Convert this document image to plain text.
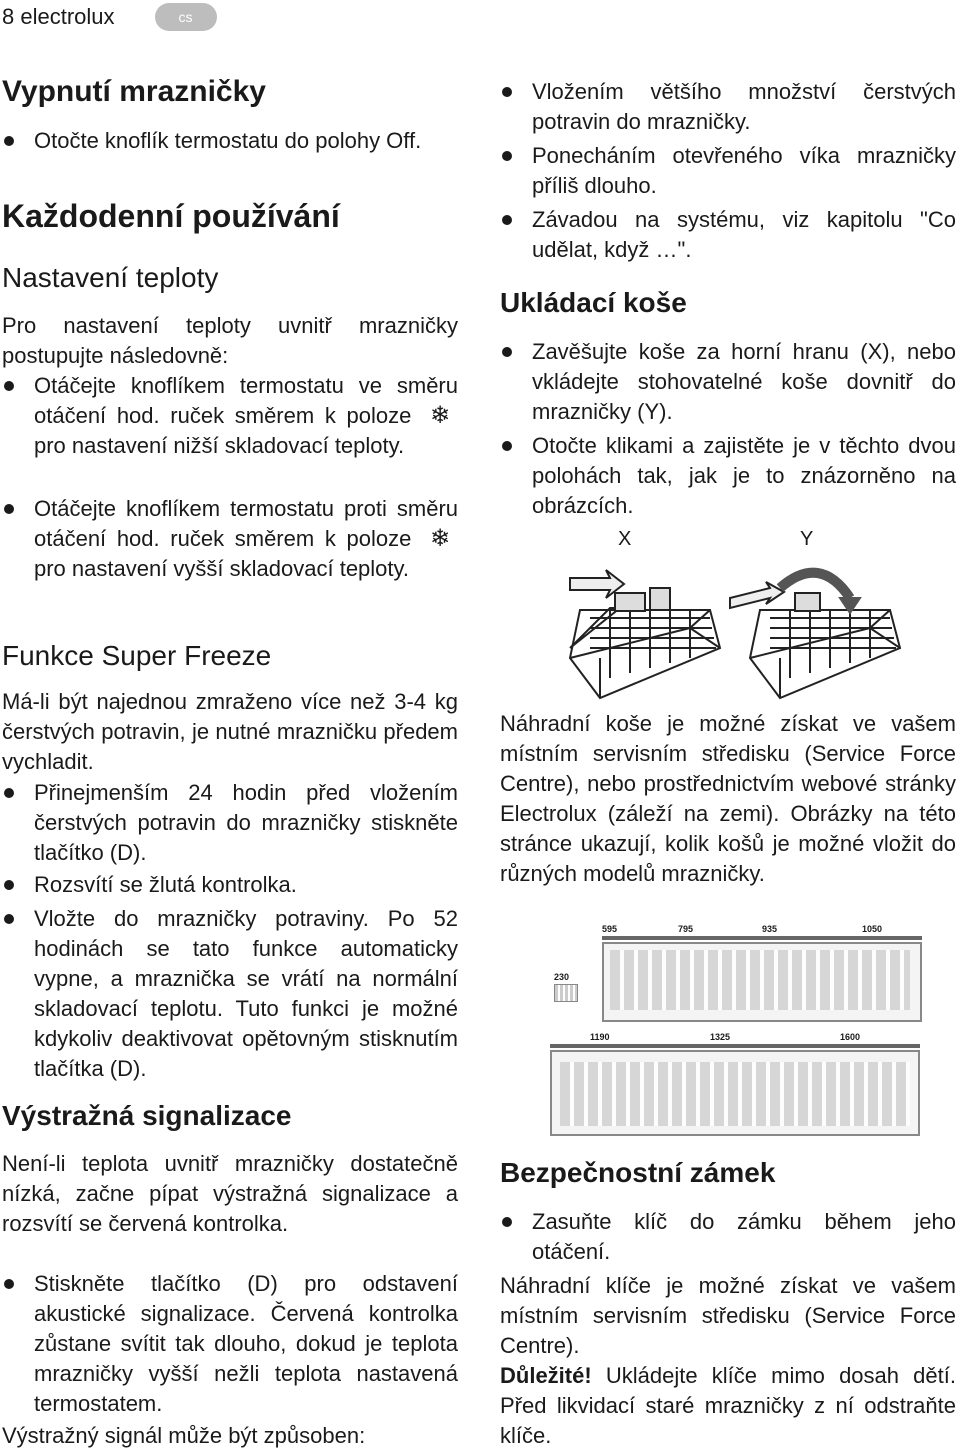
8 electrolux	cs
Vypnutí mrazničky
Otočte knoflík termostatu do polohy Off.
Každodenní používání
Nastavení teploty
Pro nastavení teploty uvnitř mrazničky postupujte následovně:
Otáčejte knoflíkem termostatu ve směru otáčení hod. ruček směrem k poloze ❄ pro nastavení nižší skladovací teploty.
Otáčejte knoflíkem termostatu proti směru otáčení hod. ruček směrem k poloze ❄ pro nastavení vyšší skladovací teploty.
Funkce Super Freeze
Má-li být najednou zmraženo více než 3-4 kg čerstvých potravin, je nutné mrazničku předem vychladit.
Přinejmenším 24 hodin před vložením čerstvých potravin do mrazničky stiskněte tlačítko (D).
Rozsvítí se žlutá kontrolka.
Vložte do mrazničky potraviny. Po 52 hodinách se tato funkce automaticky vypne, a mraznička se vrátí na normální skladovací teplotu. Tuto funkci je možné kdykoliv deaktivovat opětovným stisknutím tlačítka (D).
Výstražná signalizace
Není-li teplota uvnitř mrazničky dostatečně nízká, začne pípat výstražná signalizace a rozsvítí se červená kontrolka.
Stiskněte tlačítko (D) pro odstavení akustické signalizace. Červená kontrolka zůstane svítit tak dlouho, dokud je teplota mrazničky vyšší nežli teplota nastavená termostatem.
Výstražný signál může být způsoben:
Vložením většího množství čerstvých potravin do mrazničky.
Ponecháním otevřeného víka mrazničky příliš dlouho.
Závadou na systému, viz kapitolu "Co udělat, když …".
Ukládací koše
Zavěšujte koše za horní hranu (X), nebo vkládejte stohovatelné koše dovnitř do mrazničky (Y).
Otočte klikami a zajistěte je v těchto dvou polohách tak, jak je to znázorněno na obrázcích.
X	Y
Náhradní koše je možné získat ve vašem místním servisním středisku (Service Force Centre), nebo prostřednictvím webové stránky Electrolux (záleží na zemi). Obrázky na této stránce ukazují, kolik košů je možné vložit do různých modelů mrazničky.
595	795	935	1050
230
1190	1325	1600
Bezpečnostní zámek
Zasuňte klíč do zámku během jeho otáčení.
Náhradní klíče je možné získat ve vašem místním servisním středisku (Service Force Centre).
Důležité! Ukládejte klíče mimo dosah dětí. Před likvidací staré mrazničky z ní odstraňte klíče.
